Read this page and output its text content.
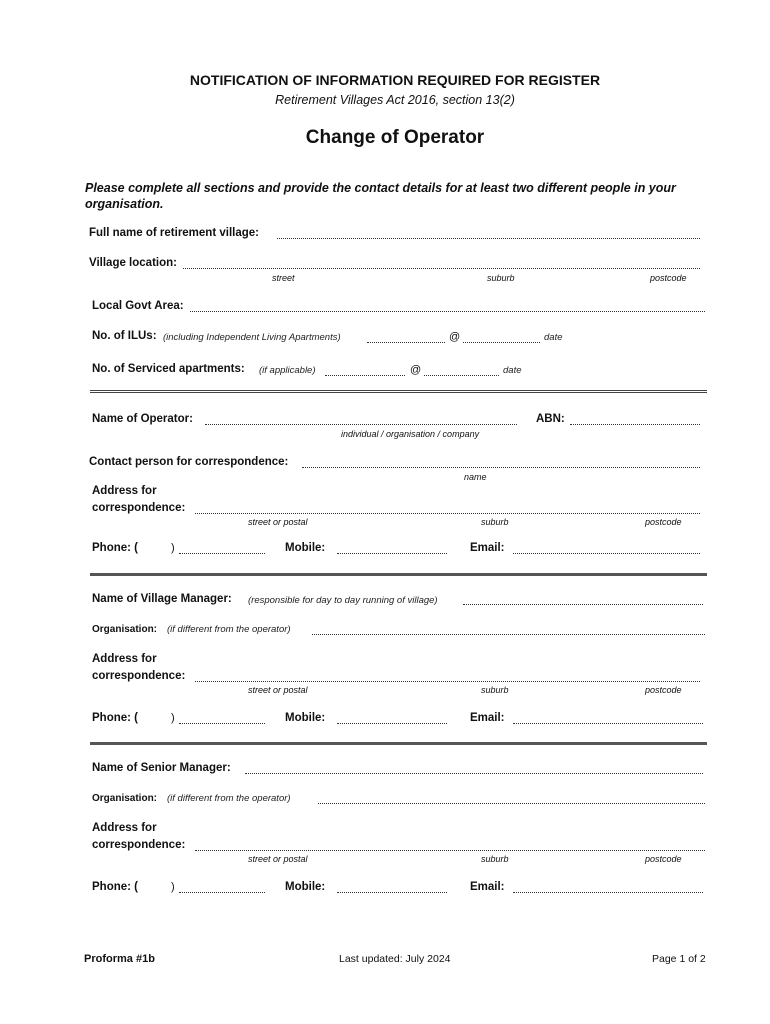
NOTIFICATION OF INFORMATION REQUIRED FOR REGISTER
Retirement Villages Act 2016, section 13(2)
Change of Operator
Please complete all sections and provide the contact details for at least two different people in your organisation.
Full name of retirement village:
Village location:
street	suburb	postcode
Local Govt Area:
No. of ILUs: (including Independent Living Apartments)	@	date
No. of Serviced apartments: (if applicable)	@	date
Name of Operator:
individual / organisation / company
ABN:
Contact person for correspondence:
name
Address for
correspondence:
street or postal	suburb	postcode
Phone: (	)	Mobile:	Email:
Name of Village Manager: (responsible for day to day running of village)
Organisation: (if different from the operator)
Address for
correspondence:
street or postal	suburb	postcode
Phone: (	)	Mobile:	Email:
Name of Senior Manager:
Organisation: (if different from the operator)
Address for
correspondence:
street or postal	suburb	postcode
Phone: (	)	Mobile:	Email:
Proforma #1b	Last updated: July 2024	Page 1 of 2
